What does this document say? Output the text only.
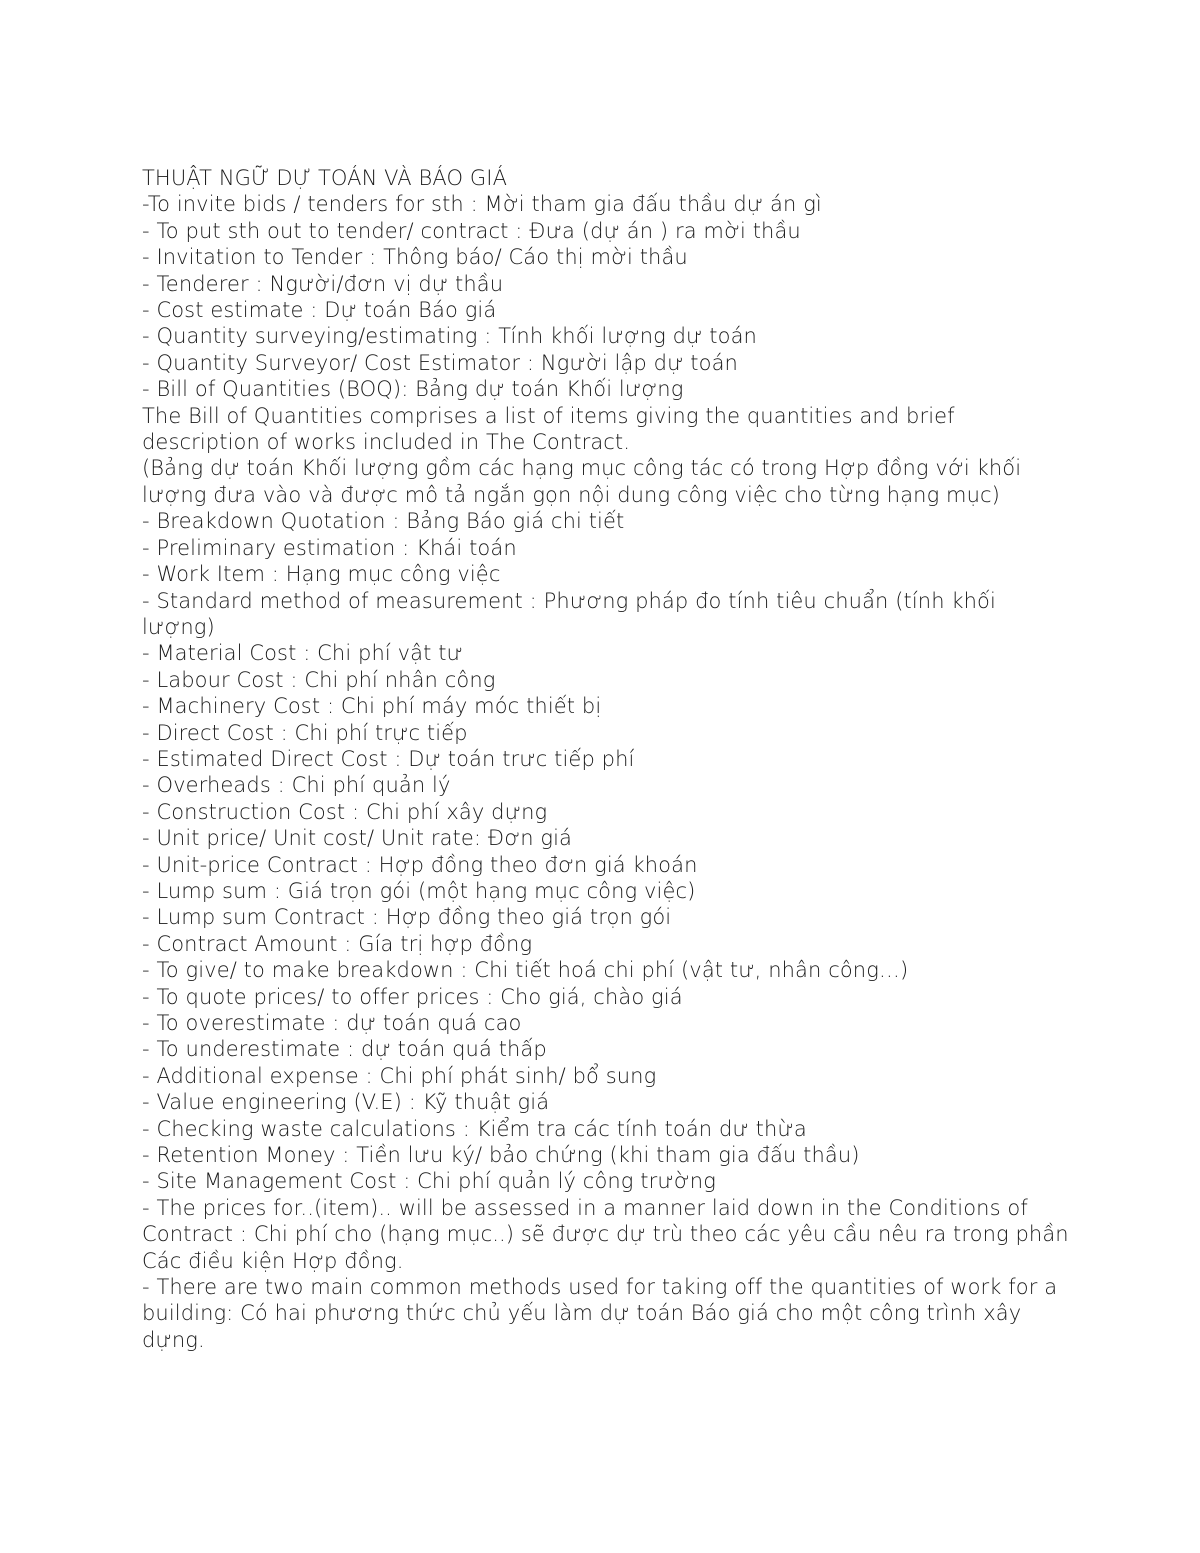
THUẬT NGỮ DỰ TOÁN VÀ BÁO GIÁ
-To invite bids / tenders for sth : Mời tham gia đấu thầu dự án gì
- To put sth out to tender/ contract : Đưa (dự án ) ra mời thầu
- Invitation to Tender : Thông báo/ Cáo thị mời thầu
- Tenderer : Người/đơn vị dự thầu
- Cost estimate : Dự toán Báo giá
- Quantity surveying/estimating : Tính khối lượng dự toán
- Quantity Surveyor/ Cost Estimator : Người lập dự toán
- Bill of Quantities (BOQ): Bảng dự toán Khối lượng
The Bill of Quantities comprises a list of items giving the quantities and brief description of works included in The Contract.
(Bảng dự toán Khối lượng gồm các hạng mục công tác có trong Hợp đồng với khối lượng đưa vào và được mô tả ngắn gọn nội dung công việc cho từng hạng mục)
- Breakdown Quotation : Bảng Báo giá chi tiết
- Preliminary estimation : Khái toán
- Work Item : Hạng mục công việc
- Standard method of measurement : Phương pháp đo tính tiêu chuẩn (tính khối lượng)
- Material Cost : Chi phí vật tư
- Labour Cost : Chi phí nhân công
- Machinery Cost : Chi phí máy móc thiết bị
- Direct Cost : Chi phí trực tiếp
- Estimated Direct Cost : Dự toán trưc tiếp phí
- Overheads : Chi phí quản lý
- Construction Cost : Chi phí xây dựng
- Unit price/ Unit cost/ Unit rate: Đơn giá
- Unit-price Contract : Hợp đồng theo đơn giá khoán
- Lump sum : Giá trọn gói (một hạng mục công việc)
- Lump sum Contract : Hợp đồng theo giá trọn gói
- Contract Amount : Gía trị hợp đồng
- To give/ to make breakdown : Chi tiết hoá chi phí (vật tư, nhân công…)
- To quote prices/ to offer prices : Cho giá, chào giá
- To overestimate : dự toán quá cao
- To underestimate : dự toán quá thấp
- Additional expense : Chi phí phát sinh/ bổ sung
- Value engineering (V.E) : Kỹ thuật giá
- Checking waste calculations : Kiểm tra các tính toán dư thừa
- Retention Money : Tiền lưu ký/ bảo chứng (khi tham gia đấu thầu)
- Site Management Cost : Chi phí quản lý công trường
- The prices for..(item).. will be assessed in a manner laid down in the Conditions of Contract : Chi phí cho (hạng mục..) sẽ được dự trù theo các yêu cầu nêu ra trong phần Các điều kiện Hợp đồng.
- There are two main common methods used for taking off the quantities of work for a building: Có hai phương thức chủ yếu làm dự toán Báo giá cho một công trình xây dựng.
